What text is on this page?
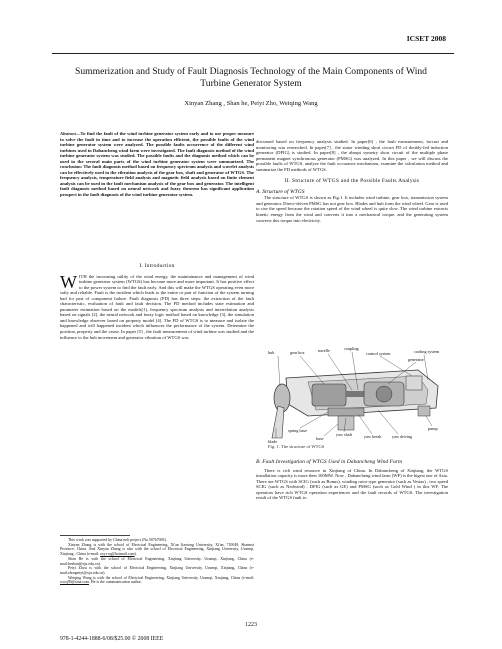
ICSET 2008
Summerization and Study of Fault Diagnosis Technology of the Main Components of Wind Turbine Generator System
Xinyan Zhang , Shan he, Peiyi Zho, Weiqing Wang
Abstract—To find the fault of the wind turbine generator system early and to use proper measure to solve the fault in time and to increase the operation efficient, the possible faults of the wind turbine generator system were analyzed. The possible faults occurrence of the different wind turbines used in Dabancheng wind farm were investigated. The fault diagnosis method of the wind turbine generator system was studied. The possible faults and the diagnosis method which can be used in the several main parts of the wind turbine generator system were summarized. The conclusion: The fault diagnosis method based on frequency spectrum analysis and wavelet analysis can be effectively used in the vibration analysis of the gear box, shaft and generator of WTGS. The frequency analysis, temperature field analysis and magnetic field analysis based on finite element analysis can be used in the fault mechanism analysis of the gear box and generator. The intelligent fault diagnosis method based on neural network and fuzzy theorem has significant application prospect in the fault diagnosis of the wind turbine generator system.
I. Introduction

WITH the increasing utility of the wind energy, the maintainance and management of wind turbine generator system (WTGS) has become more and more important. It has positive effect to the power system to find the fault early. And this will make the WTGS operating even more safty and reliable. Fault is the incident which leads to the entire or part of function of the system turning bad for part of component failure. Fault diagnosis (FD) has three steps: the extraction of the fault characteristic, evaluation of fault and fault decision. The FD method includes state estimation and parameter estimation based on the models[1], frequency spectrum analysis and interrelation analysis based on signals [2], the neural network and fuzzy logic method based on knowledge [3], the simulation and knowledge observer based on property model [4]. The FD of WTGS is to measure and isolate the happened and will happened incident which influences the performance of the system. Determine the position, property and the cause. In paper [5] , the fault measurement of wind turbine was studied and the influence to the hub movement and generator vibration of WTGS was

This work was supported by China neli project (No.50767003).

Xinyan Zhang is with the school of Electrical Engineering, Xi'an Jiaotong University, Xi'an, 710049, Shannxi Province, China. And Xinyan Zhang is also with the school of Electrical Engineering, Xinjiang University, Urumqi, Xinjiang , China (e-mail: zxy.rcq@hotmail.com).

Shan He is with the school of Electrical Engineering, Xinjiang University, Urumqi, Xinjiang, China (e-mail:hesban@xju.edu.cn).

Peiyi Zhou is with the school of Electrical Engineering, Xinjiang University, Urumqi, Xinjiang, China (e-mail:zhoupeiyi@xju.edu.cn).

Weiqing Wang is with the school of Electrical Engineering, Xinjiang University, Urumqi, Xinjiang, China (e-mail: wwq59@sina.com. He is the communication author.

discussed based on frequency analysis studied. In paper[6] , the fault measurement, forcast and monitoring was researched. In paper[7] , the stator winding short circuit FD of doubly-fed induction generator (DFIG) is studied. In paper[8] , the abrupt symetry short circuit of the multiple phase permanent magnet synchronous generator (PMSG) was analyzed. In this paper , we will discuss the possible faults of WTGS, analyze the fault occurance mechanism, examine the calculation method and summarize the FD methods of WTGS.

II. Structure of WTGS and the Possible Faults Analysis
A. Structure of WTGS

The structure of WTGS is shown as Fig.1. It includes wind turbine, gear box, transmission system and generator. Direct-driven PMSG has not gear box. Blades and hub form the wind wheel. Gear is used to rise the speed because the rotation speed of the wind wheel is quite slow. The wind turbine extracts kinetic energy from the wind and converts it into a mechanical torque, and the generating system converts this torque into electricity.

hub	gear box	nacelle	coupling
control system	cooling system
generator
blade
spring base
base
yaw shaft	yaw break	yaw driving
pump
Fig. 1. The structure of WTGS
B. Fault Investigation of WTGS Used in Dabancheng Wind Farm

There is rich wind resource in Xinjiang of China. In Dabancheng of Xinjiang, the WTGS installation capacity is more then 100MW. Now , Dabancheng wind farm (WF) is the bigest one of Asia. There are WTGS with SCIG (such as Bonus), winding rotor type generator (such as Vestas) , two speed SCIG (such as Nedwind) , DFIG (such as GE) and PMSG (such as Gold Wind ) in this WF. The operators have rich WTGS operation experiences and the fault records of WTGS. The investigation result of the WTGS fault is:

1223
978-1-4244-1888-6/08/$25.00 © 2008 IEEE
